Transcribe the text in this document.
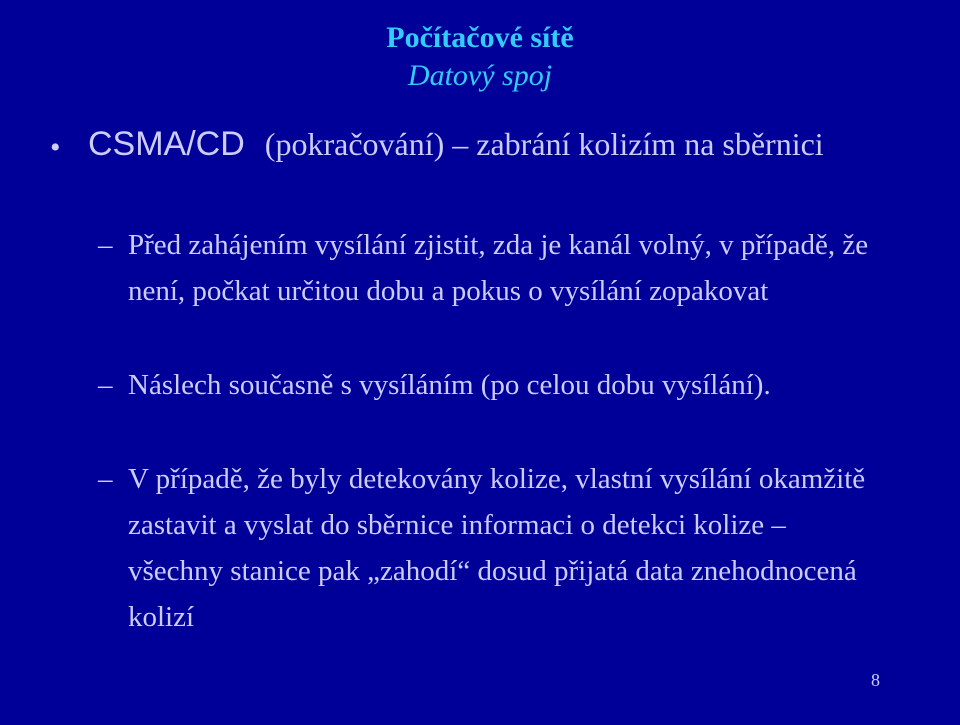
Počítačové sítě
Datový spoj
• CSMA/CD (pokračování) – zabrání kolizím na sběrnici
– Před zahájením vysílání zjistit, zda je kanál volný, v případě, že není, počkat určitou dobu a pokus o vysílání zopakovat
– Náslech současně s vysíláním (po celou dobu vysílání).
– V případě, že byly detekovány kolize, vlastní vysílání okamžitě zastavit a vyslat do sběrnice informaci o detekci kolize – všechny stanice pak „zahodí“ dosud přijatá data znehodnocená kolizí
8
